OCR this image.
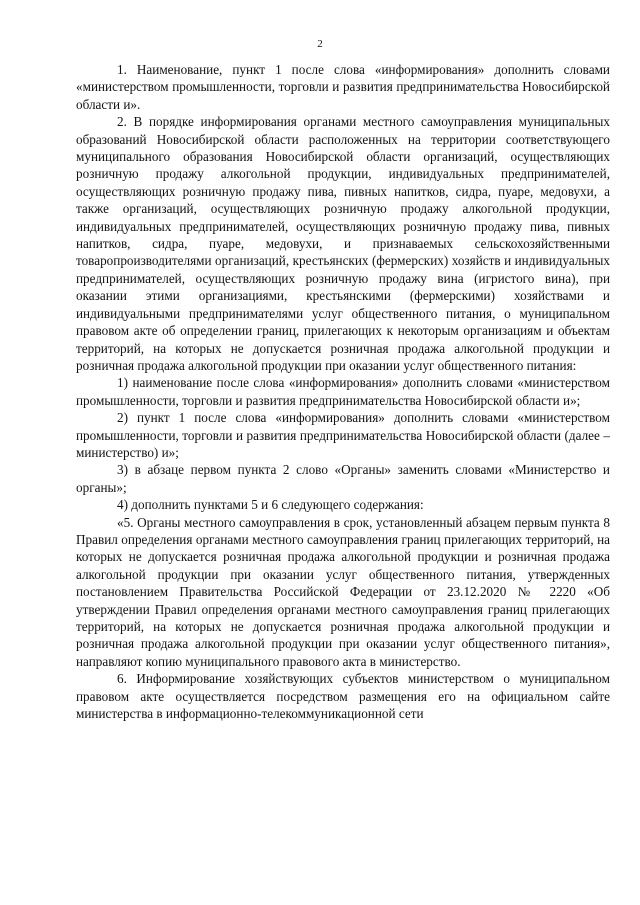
2

1. Наименование, пункт 1 после слова «информирования» дополнить словами «министерством промышленности, торговли и развития предпринимательства Новосибирской области и».

2. В порядке информирования органами местного самоуправления муниципальных образований Новосибирской области расположенных на территории соответствующего муниципального образования Новосибирской области организаций, осуществляющих розничную продажу алкогольной продукции, индивидуальных предпринимателей, осуществляющих розничную продажу пива, пивных напитков, сидра, пуаре, медовухи, а также организаций, осуществляющих розничную продажу алкогольной продукции, индивидуальных предпринимателей, осуществляющих розничную продажу пива, пивных напитков, сидра, пуаре, медовухи, и признаваемых сельскохозяйственными товаропроизводителями организаций, крестьянских (фермерских) хозяйств и индивидуальных предпринимателей, осуществляющих розничную продажу вина (игристого вина), при оказании этими организациями, крестьянскими (фермерскими) хозяйствами и индивидуальными предпринимателями услуг общественного питания, о муниципальном правовом акте об определении границ, прилегающих к некоторым организациям и объектам территорий, на которых не допускается розничная продажа алкогольной продукции и розничная продажа алкогольной продукции при оказании услуг общественного питания:

1) наименование после слова «информирования» дополнить словами «министерством промышленности, торговли и развития предпринимательства Новосибирской области и»;

2) пункт 1 после слова «информирования» дополнить словами «министерством промышленности, торговли и развития предпринимательства Новосибирской области (далее – министерство) и»;

3) в абзаце первом пункта 2 слово «Органы» заменить словами «Министерство и органы»;

4) дополнить пунктами 5 и 6 следующего содержания:

«5. Органы местного самоуправления в срок, установленный абзацем первым пункта 8 Правил определения органами местного самоуправления границ прилегающих территорий, на которых не допускается розничная продажа алкогольной продукции и розничная продажа алкогольной продукции при оказании услуг общественного питания, утвержденных постановлением Правительства Российской Федерации от 23.12.2020 № 2220 «Об утверждении Правил определения органами местного самоуправления границ прилегающих территорий, на которых не допускается розничная продажа алкогольной продукции и розничная продажа алкогольной продукции при оказании услуг общественного питания», направляют копию муниципального правового акта в министерство.

6. Информирование хозяйствующих субъектов министерством о муниципальном правовом акте осуществляется посредством размещения его на официальном сайте министерства в информационно-телекоммуникационной сети
